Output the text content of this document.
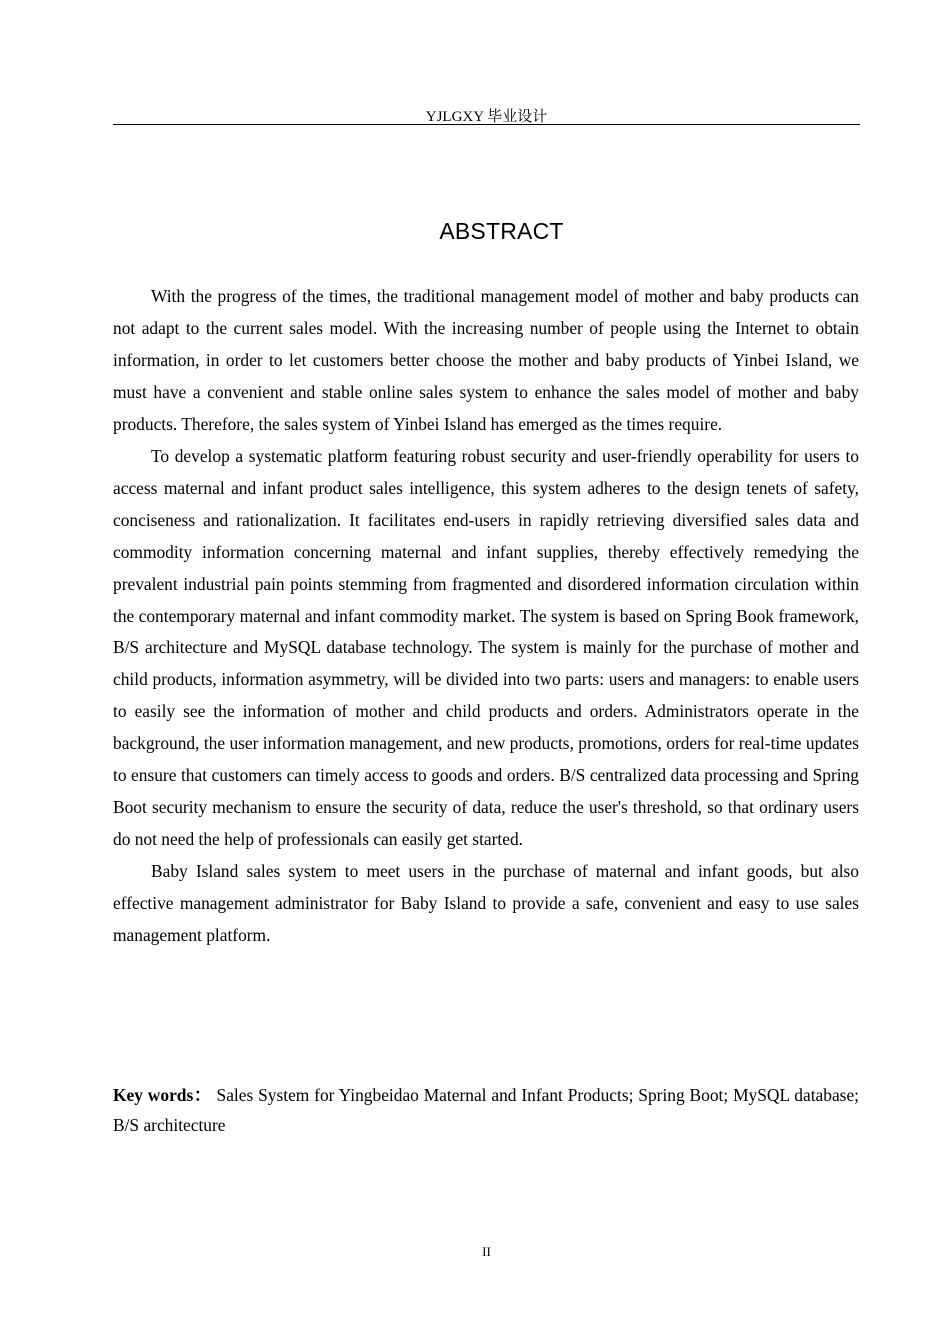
YJLGXY 毕业设计
ABSTRACT

With the progress of the times, the traditional management model of mother and baby products can not adapt to the current sales model. With the increasing number of people using the Internet to obtain information, in order to let customers better choose the mother and baby products of Yinbei Island, we must have a convenient and stable online sales system to enhance the sales model of mother and baby products. Therefore, the sales system of Yinbei Island has emerged as the times require.

To develop a systematic platform featuring robust security and user-friendly operability for users to access maternal and infant product sales intelligence, this system adheres to the design tenets of safety, conciseness and rationalization. It facilitates end-users in rapidly retrieving diversified sales data and commodity information concerning maternal and infant supplies, thereby effectively remedying the prevalent industrial pain points stemming from fragmented and disordered information circulation within the contemporary maternal and infant commodity market. The system is based on Spring Book framework, B/S architecture and MySQL database technology. The system is mainly for the purchase of mother and child products, information asymmetry, will be divided into two parts: users and managers: to enable users to easily see the information of mother and child products and orders. Administrators operate in the background, the user information management, and new products, promotions, orders for real-time updates to ensure that customers can timely access to goods and orders. B/S centralized data processing and Spring Boot security mechanism to ensure the security of data, reduce the user's threshold, so that ordinary users do not need the help of professionals can easily get started.

Baby Island sales system to meet users in the purchase of maternal and infant goods, but also effective management administrator for Baby Island to provide a safe, convenient and easy to use sales management platform.

Key words： Sales System for Yingbeidao Maternal and Infant Products; Spring Boot; MySQL database; B/S architecture
II
